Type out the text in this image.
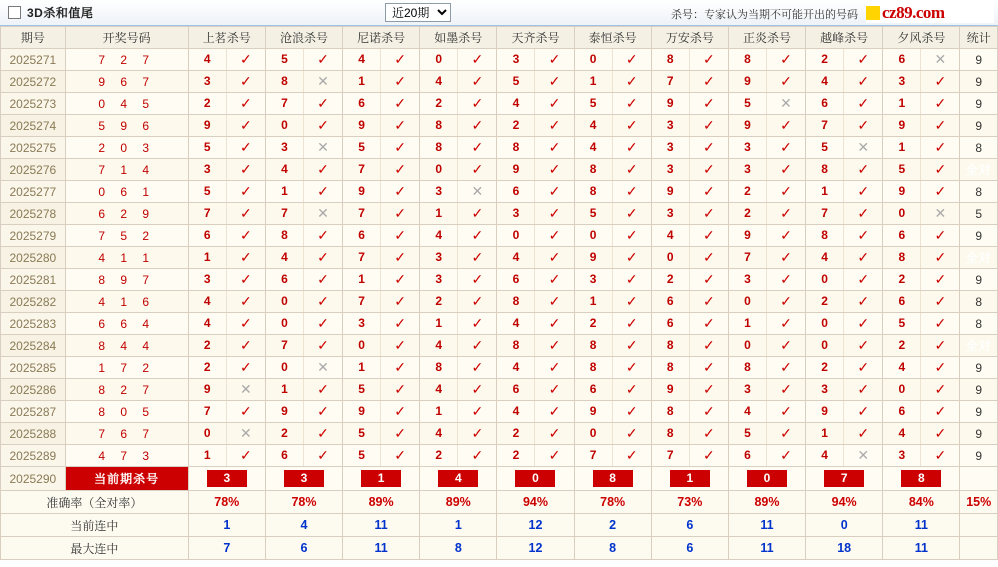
3D杀和值尾
近20期	杀号：专家认为当期不可能开出的号码 cz89.com
期号	开奖号码	上茗杀号	沧浪杀号	尼诺杀号	如墨杀号	天齐杀号	泰恒杀号	万安杀号	正炎杀号	越峰杀号	夕风杀号	统计
2025271	7 2 7	4 ✓	5 ✓	4 ✓	0 ✓	3 ✓	0 ✓	8 ✓	8 ✓	2 ✓	6 ✕	9
2025272	9 6 7	3 ✓	8 ✕	1 ✓	4 ✓	5 ✓	1 ✓	7 ✓	9 ✓	4 ✓	3 ✓	9
2025273	0 4 5	2 ✓	7 ✓	6 ✓	2 ✓	4 ✓	5 ✓	9 ✓	5 ✕	6 ✓	1 ✓	9
2025274	5 9 6	9 ✓	0 ✓	9 ✓	8 ✓	2 ✓	4 ✓	3 ✓	9 ✓	7 ✓	9 ✓	9
2025275	2 0 3	5 ✓	3 ✕	5 ✓	8 ✓	8 ✓	4 ✓	3 ✓	3 ✓	5 ✕	1 ✓	8
2025276	7 1 4	3 ✓	4 ✓	7 ✓	0 ✓	9 ✓	8 ✓	3 ✓	3 ✓	8 ✓	5 ✓	全对
2025277	0 6 1	5 ✓	1 ✓	9 ✓	3 ✕	6 ✓	8 ✓	9 ✓	2 ✓	1 ✓	9 ✓	8
2025278	6 2 9	7 ✓	7 ✕	7 ✓	1 ✓	3 ✓	5 ✓	3 ✓	2 ✓	7 ✓	0 ✕	5
2025279	7 5 2	6 ✓	8 ✓	6 ✓	4 ✓	0 ✓	0 ✓	4 ✓	9 ✓	8 ✓	6 ✓	9
2025280	4 1 1	1 ✓	4 ✓	7 ✓	3 ✓	4 ✓	9 ✓	0 ✓	7 ✓	4 ✓	8 ✓	全对
2025281	8 9 7	3 ✓	6 ✓	1 ✓	3 ✓	6 ✓	3 ✓	2 ✓	3 ✓	0 ✓	2 ✓	9
2025282	4 1 6	4 ✓	0 ✓	7 ✓	2 ✓	8 ✓	1 ✓	6 ✓	0 ✓	2 ✓	6 ✓	8
2025283	6 6 4	4 ✓	0 ✓	3 ✓	1 ✓	4 ✓	2 ✓	6 ✓	1 ✓	0 ✓	5 ✓	8
2025284	8 4 4	2 ✓	7 ✓	0 ✓	4 ✓	8 ✓	8 ✓	8 ✓	0 ✓	0 ✓	2 ✓	全对
2025285	1 7 2	2 ✓	0 ✕	1 ✓	8 ✓	4 ✓	8 ✓	8 ✓	8 ✓	2 ✓	4 ✓	9
2025286	8 2 7	9 ✕	1 ✓	5 ✓	4 ✓	6 ✓	6 ✓	9 ✓	3 ✓	3 ✓	0 ✓	9
2025287	8 0 5	7 ✓	9 ✓	9 ✓	1 ✓	4 ✓	9 ✓	8 ✓	4 ✓	9 ✓	6 ✓	9
2025288	7 6 7	0 ✕	2 ✓	5 ✓	4 ✓	2 ✓	0 ✓	8 ✓	5 ✓	1 ✓	4 ✓	9
2025289	4 7 3	1 ✓	6 ✓	5 ✓	2 ✓	2 ✓	7 ✓	7 ✓	6 ✓	4 ✕	3 ✓	9
2025290	当前期杀号	3	3	1	4	0	8	1	0	7	8	
准确率（全对率）		78%	78%	89%	89%	94%	78%	73%	89%	94%	84%	15%
当前连中		1	4	11	1	12	2	6	11	0	11	
最大连中		7	6	11	8	12	8	6	11	18	11	
